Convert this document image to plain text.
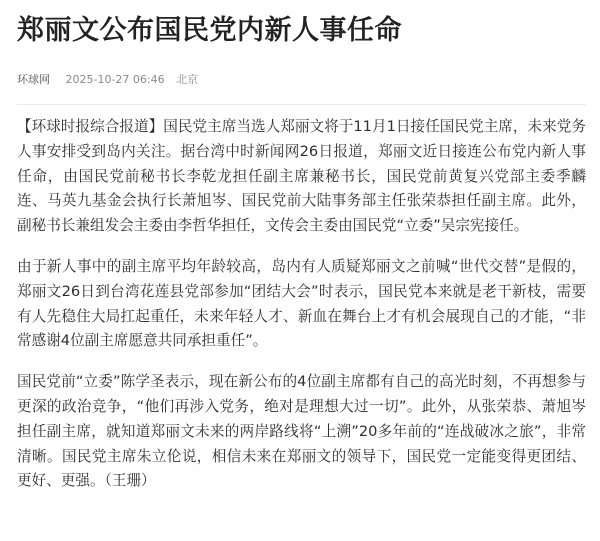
郑丽文公布国民党内新人事任命
环球网 2025-10-27 06:46 北京

【环球时报综合报道】国民党主席当选人郑丽文将于11月1日接任国民党主席，未来党务人事安排受到岛内关注。据台湾中时新闻网26日报道，郑丽文近日接连公布党内新人事任命，由国民党前秘书长李乾龙担任副主席兼秘书长，国民党前黄复兴党部主委季麟连、马英九基金会执行长萧旭岑、国民党前大陆事务部主任张荣恭担任副主席。此外，副秘书长兼组发会主委由李哲华担任，文传会主委由国民党“立委”吴宗宪接任。

由于新人事中的副主席平均年龄较高，岛内有人质疑郑丽文之前喊“世代交替”是假的，郑丽文26日到台湾花莲县党部参加“团结大会”时表示，国民党本来就是老干新枝，需要有人先稳住大局扛起重任，未来年轻人才、新血在舞台上才有机会展现自己的才能，“非常感谢4位副主席愿意共同承担重任”。

国民党前“立委”陈学圣表示，现在新公布的4位副主席都有自己的高光时刻，不再想参与更深的政治竞争，“他们再涉入党务，绝对是理想大过一切”。此外，从张荣恭、萧旭岑担任副主席，就知道郑丽文未来的两岸路线将“上溯”20多年前的“连战破冰之旅”，非常清晰。国民党主席朱立伦说，相信未来在郑丽文的领导下，国民党一定能变得更团结、更好、更强。（王珊）
